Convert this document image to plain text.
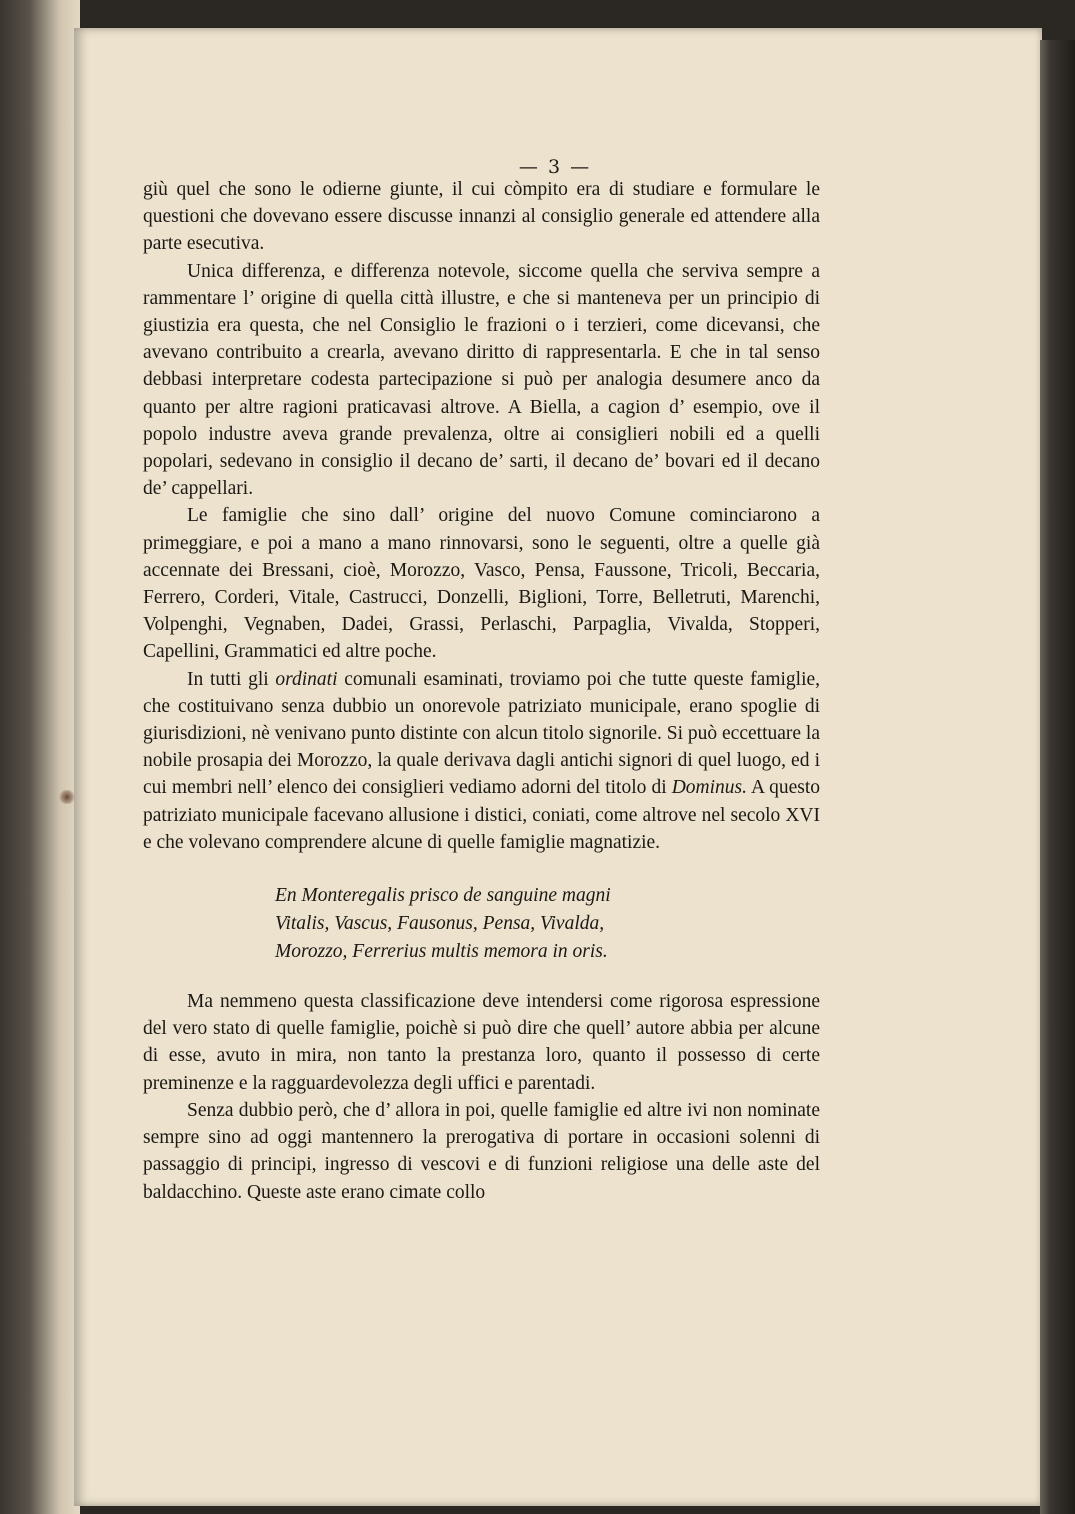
— 3 —

giù quel che sono le odierne giunte, il cui còmpito era di studiare e formulare le questioni che dovevano essere discusse innanzi al consiglio generale ed attendere alla parte esecutiva.

Unica differenza, e differenza notevole, siccome quella che serviva sempre a rammentare l’ origine di quella città illustre, e che si manteneva per un principio di giustizia era questa, che nel Consiglio le frazioni o i terzieri, come dicevansi, che avevano contribuito a crearla, avevano diritto di rappresentarla. E che in tal senso debbasi interpretare codesta partecipazione si può per analogia desumere anco da quanto per altre ragioni praticavasi altrove. A Biella, a cagion d’ esempio, ove il popolo industre aveva grande prevalenza, oltre ai consiglieri nobili ed a quelli popolari, sedevano in consiglio il decano de’ sarti, il decano de’ bovari ed il decano de’ cappellari.

Le famiglie che sino dall’ origine del nuovo Comune cominciarono a primeggiare, e poi a mano a mano rinnovarsi, sono le seguenti, oltre a quelle già accennate dei Bressani, cioè, Morozzo, Vasco, Pensa, Faussone, Tricoli, Beccaria, Ferrero, Corderi, Vitale, Castrucci, Donzelli, Biglioni, Torre, Belletruti, Marenchi, Volpenghi, Vegnaben, Dadei, Grassi, Perlaschi, Parpaglia, Vivalda, Stopperi, Capellini, Grammatici ed altre poche.

In tutti gli ordinati comunali esaminati, troviamo poi che tutte queste famiglie, che costituivano senza dubbio un onorevole patriziato municipale, erano spoglie di giurisdizioni, nè venivano punto distinte con alcun titolo signorile. Si può eccettuare la nobile prosapia dei Morozzo, la quale derivava dagli antichi signori di quel luogo, ed i cui membri nell’ elenco dei consiglieri vediamo adorni del titolo di Dominus. A questo patriziato municipale facevano allusione i distici, coniati, come altrove nel secolo XVI e che volevano comprendere alcune di quelle famiglie magnatizie.

En Monteregalis prisco de sanguine magni
Vitalis, Vascus, Fausonus, Pensa, Vivalda,
Morozzo, Ferrerius multis memora in oris.

Ma nemmeno questa classificazione deve intendersi come rigorosa espressione del vero stato di quelle famiglie, poichè si può dire che quell’ autore abbia per alcune di esse, avuto in mira, non tanto la prestanza loro, quanto il possesso di certe preminenze e la ragguardevolezza degli uffici e parentadi.

Senza dubbio però, che d’ allora in poi, quelle famiglie ed altre ivi non nominate sempre sino ad oggi mantennero la prerogativa di portare in occasioni solenni di passaggio di principi, ingresso di vescovi e di funzioni religiose una delle aste del baldacchino. Queste aste erano cimate collo
